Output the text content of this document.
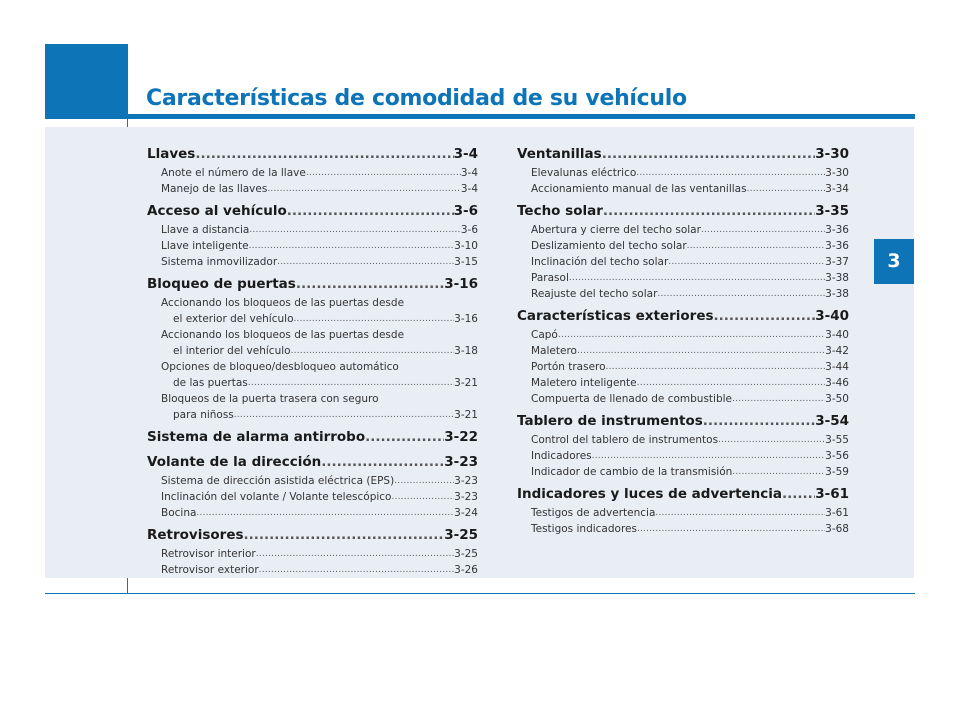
Características de comodidad de su vehículo
3
Llaves .....	3-4
Anote el número de la llave .....	3-4
Manejo de las llaves .....	3-4
Acceso al vehículo .....	3-6
Llave a distancia .....	3-6
Llave inteligente .....	3-10
Sistema inmovilizador .....	3-15
Bloqueo de puertas .....	3-16
Accionando los bloqueos de las puertas desde
el exterior del vehículo .....	3-16
Accionando los bloqueos de las puertas desde
el interior del vehículo .....	3-18
Opciones de bloqueo/desbloqueo automático
de las puertas .....	3-21
Bloqueos de la puerta trasera con seguro
para niñoss .....	3-21
Sistema de alarma antirrobo .....	3-22
Volante de la dirección .....	3-23
Sistema de dirección asistida eléctrica (EPS) .....	3-23
Inclinación del volante / Volante telescópico .....	3-23
Bocina .....	3-24
Retrovisores .....	3-25
Retrovisor interior .....	3-25
Retrovisor exterior .....	3-26
Ventanillas .....	3-30
Elevalunas eléctrico .....	3-30
Accionamiento manual de las ventanillas .....	3-34
Techo solar .....	3-35
Abertura y cierre del techo solar .....	3-36
Deslizamiento del techo solar .....	3-36
Inclinación del techo solar .....	3-37
Parasol .....	3-38
Reajuste del techo solar .....	3-38
Características exteriores .....	3-40
Capó .....	3-40
Maletero .....	3-42
Portón trasero .....	3-44
Maletero inteligente .....	3-46
Compuerta de llenado de combustible .....	3-50
Tablero de instrumentos .....	3-54
Control del tablero de instrumentos .....	3-55
Indicadores .....	3-56
Indicador de cambio de la transmisión .....	3-59
Indicadores y luces de advertencia ..... 3-61
Testigos de advertencia .....	3-61
Testigos indicadores .....	3-68
